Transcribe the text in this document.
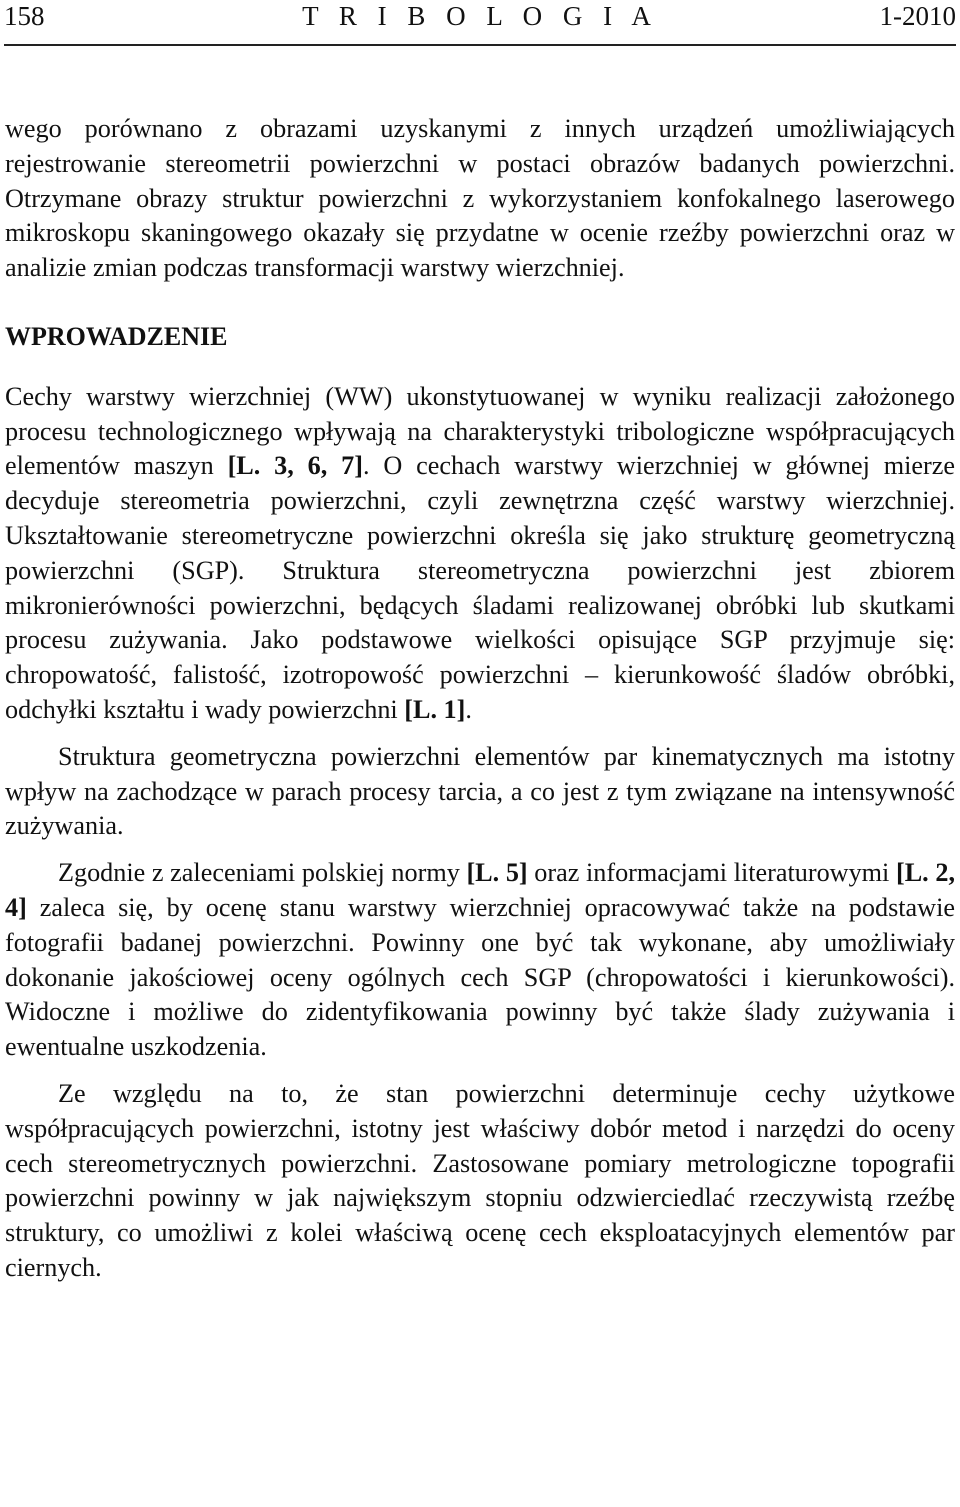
158	T R I B O L O G I A	1-2010

wego porównano z obrazami uzyskanymi z innych urządzeń umożliwiających rejestrowanie stereometrii powierzchni w postaci obrazów badanych powierzchni. Otrzymane obrazy struktur powierzchni z wykorzystaniem konfokalnego laserowego mikroskopu skaningowego okazały się przydatne w ocenie rzeźby powierzchni oraz w analizie zmian podczas transformacji warstwy wierzchniej.

WPROWADZENIE

Cechy warstwy wierzchniej (WW) ukonstytuowanej w wyniku realizacji założonego procesu technologicznego wpływają na charakterystyki tribologiczne współpracujących elementów maszyn [L. 3, 6, 7]. O cechach warstwy wierzchniej w głównej mierze decyduje stereometria powierzchni, czyli zewnętrzna część warstwy wierzchniej. Ukształtowanie stereometryczne powierzchni określa się jako strukturę geometryczną powierzchni (SGP). Struktura stereometryczna powierzchni jest zbiorem mikronierówności powierzchni, będących śladami realizowanej obróbki lub skutkami procesu zużywania. Jako podstawowe wielkości opisujące SGP przyjmuje się: chropowatość, falistość, izotropowość powierzchni – kierunkowość śladów obróbki, odchyłki kształtu i wady powierzchni [L. 1].

Struktura geometryczna powierzchni elementów par kinematycznych ma istotny wpływ na zachodzące w parach procesy tarcia, a co jest z tym związane na intensywność zużywania.

Zgodnie z zaleceniami polskiej normy [L. 5] oraz informacjami literaturowymi [L. 2, 4] zaleca się, by ocenę stanu warstwy wierzchniej opracowywać także na podstawie fotografii badanej powierzchni. Powinny one być tak wykonane, aby umożliwiały dokonanie jakościowej oceny ogólnych cech SGP (chropowatości i kierunkowości). Widoczne i możliwe do zidentyfikowania powinny być także ślady zużywania i ewentualne uszkodzenia.

Ze względu na to, że stan powierzchni determinuje cechy użytkowe współpracujących powierzchni, istotny jest właściwy dobór metod i narzędzi do oceny cech stereometrycznych powierzchni. Zastosowane pomiary metrologiczne topografii powierzchni powinny w jak największym stopniu odzwierciedlać rzeczywistą rzeźbę struktury, co umożliwi z kolei właściwą ocenę cech eksploatacyjnych elementów par ciernych.
